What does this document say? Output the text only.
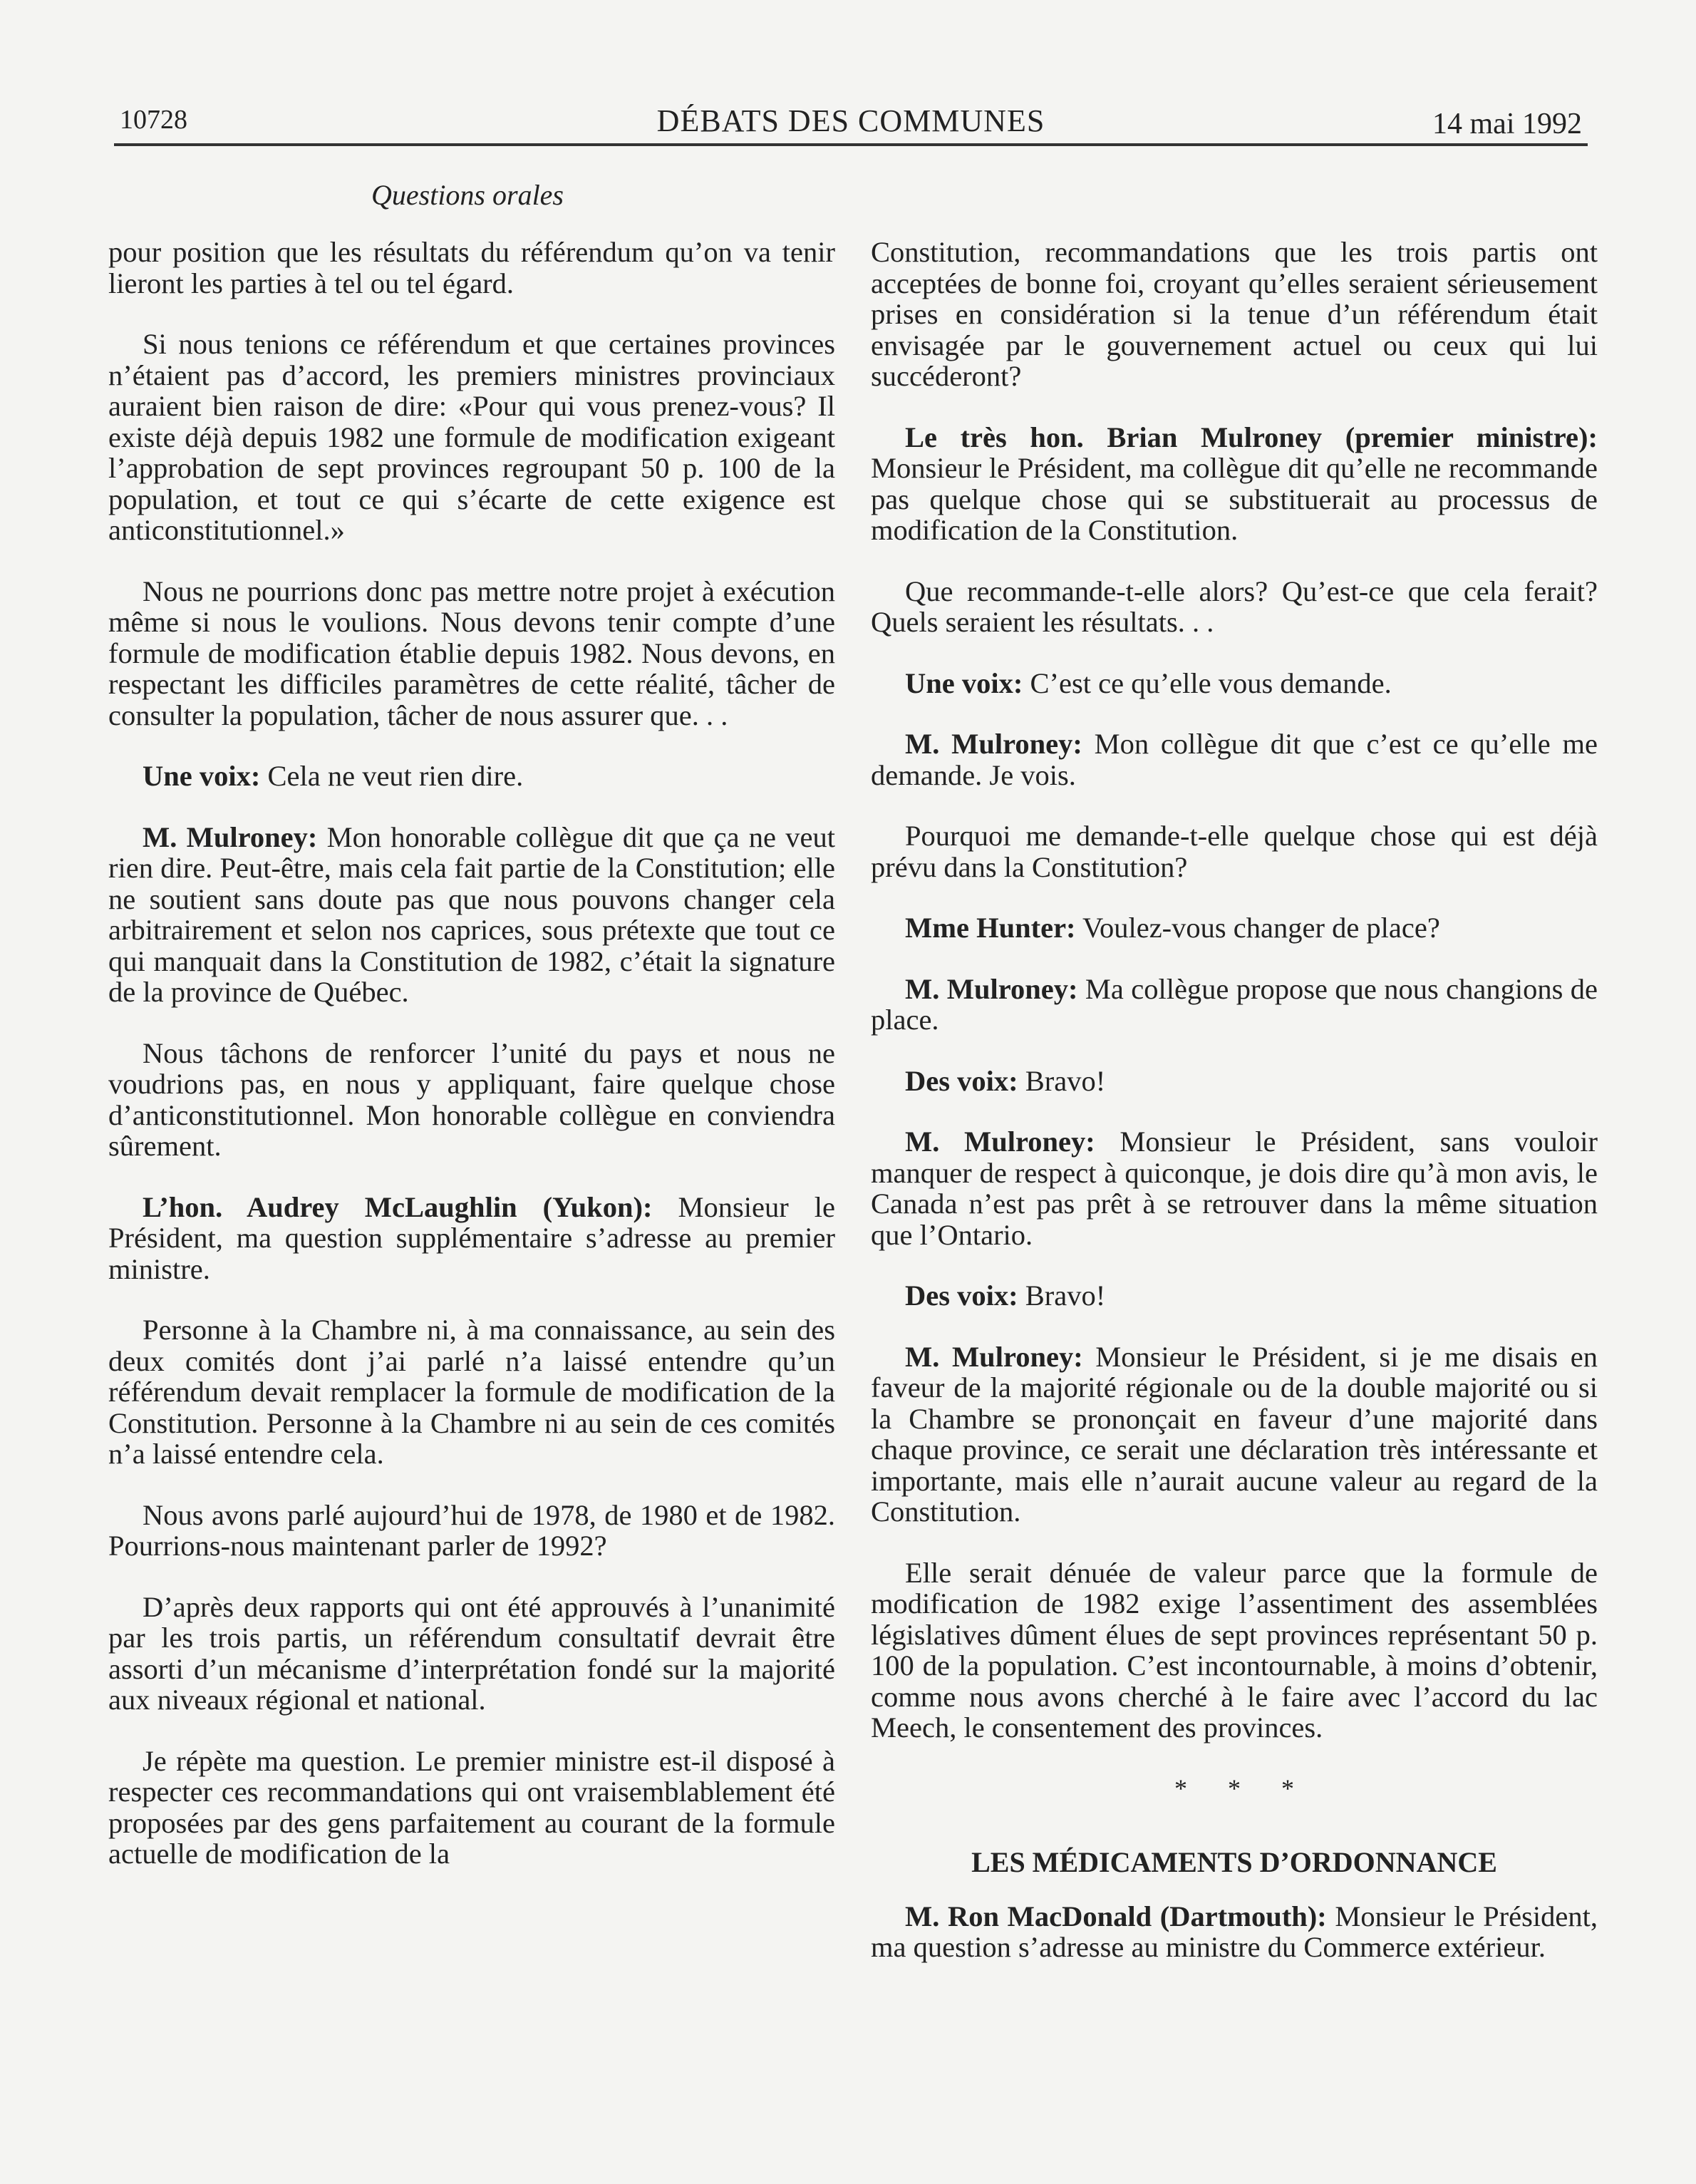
10728	DÉBATS DES COMMUNES	14 mai 1992
Questions orales

pour position que les résultats du référendum qu’on va tenir lieront les parties à tel ou tel égard.

Si nous tenions ce référendum et que certaines provinces n’étaient pas d’accord, les premiers ministres provinciaux auraient bien raison de dire: «Pour qui vous prenez-vous? Il existe déjà depuis 1982 une formule de modification exigeant l’approbation de sept provinces regroupant 50 p. 100 de la population, et tout ce qui s’écarte de cette exigence est anticonstitutionnel.»

Nous ne pourrions donc pas mettre notre projet à exécution même si nous le voulions. Nous devons tenir compte d’une formule de modification établie depuis 1982. Nous devons, en respectant les difficiles paramètres de cette réalité, tâcher de consulter la population, tâcher de nous assurer que. . .

Une voix: Cela ne veut rien dire.

M. Mulroney: Mon honorable collègue dit que ça ne veut rien dire. Peut-être, mais cela fait partie de la Constitution; elle ne soutient sans doute pas que nous pouvons changer cela arbitrairement et selon nos caprices, sous prétexte que tout ce qui manquait dans la Constitution de 1982, c’était la signature de la province de Québec.

Nous tâchons de renforcer l’unité du pays et nous ne voudrions pas, en nous y appliquant, faire quelque chose d’anticonstitutionnel. Mon honorable collègue en conviendra sûrement.

L’hon. Audrey McLaughlin (Yukon): Monsieur le Président, ma question supplémentaire s’adresse au premier ministre.

Personne à la Chambre ni, à ma connaissance, au sein des deux comités dont j’ai parlé n’a laissé entendre qu’un référendum devait remplacer la formule de modification de la Constitution. Personne à la Chambre ni au sein de ces comités n’a laissé entendre cela.

Nous avons parlé aujourd’hui de 1978, de 1980 et de 1982. Pourrions-nous maintenant parler de 1992?

D’après deux rapports qui ont été approuvés à l’unanimité par les trois partis, un référendum consultatif devrait être assorti d’un mécanisme d’interprétation fondé sur la majorité aux niveaux régional et national.

Je répète ma question. Le premier ministre est-il disposé à respecter ces recommandations qui ont vraisemblablement été proposées par des gens parfaitement au courant de la formule actuelle de modification de la

Constitution, recommandations que les trois partis ont acceptées de bonne foi, croyant qu’elles seraient sérieusement prises en considération si la tenue d’un référendum était envisagée par le gouvernement actuel ou ceux qui lui succéderont?

Le très hon. Brian Mulroney (premier ministre): Monsieur le Président, ma collègue dit qu’elle ne recommande pas quelque chose qui se substituerait au processus de modification de la Constitution.

Que recommande-t-elle alors? Qu’est-ce que cela ferait? Quels seraient les résultats. . .

Une voix: C’est ce qu’elle vous demande.

M. Mulroney: Mon collègue dit que c’est ce qu’elle me demande. Je vois.

Pourquoi me demande-t-elle quelque chose qui est déjà prévu dans la Constitution?

Mme Hunter: Voulez-vous changer de place?

M. Mulroney: Ma collègue propose que nous changions de place.

Des voix: Bravo!

M. Mulroney: Monsieur le Président, sans vouloir manquer de respect à quiconque, je dois dire qu’à mon avis, le Canada n’est pas prêt à se retrouver dans la même situation que l’Ontario.

Des voix: Bravo!

M. Mulroney: Monsieur le Président, si je me disais en faveur de la majorité régionale ou de la double majorité ou si la Chambre se prononçait en faveur d’une majorité dans chaque province, ce serait une déclaration très intéressante et importante, mais elle n’aurait aucune valeur au regard de la Constitution.

Elle serait dénuée de valeur parce que la formule de modification de 1982 exige l’assentiment des assemblées législatives dûment élues de sept provinces représentant 50 p. 100 de la population. C’est incontournable, à moins d’obtenir, comme nous avons cherché à le faire avec l’accord du lac Meech, le consentement des provinces.

* * *
LES MÉDICAMENTS D’ORDONNANCE

M. Ron MacDonald (Dartmouth): Monsieur le Président, ma question s’adresse au ministre du Commerce extérieur.
